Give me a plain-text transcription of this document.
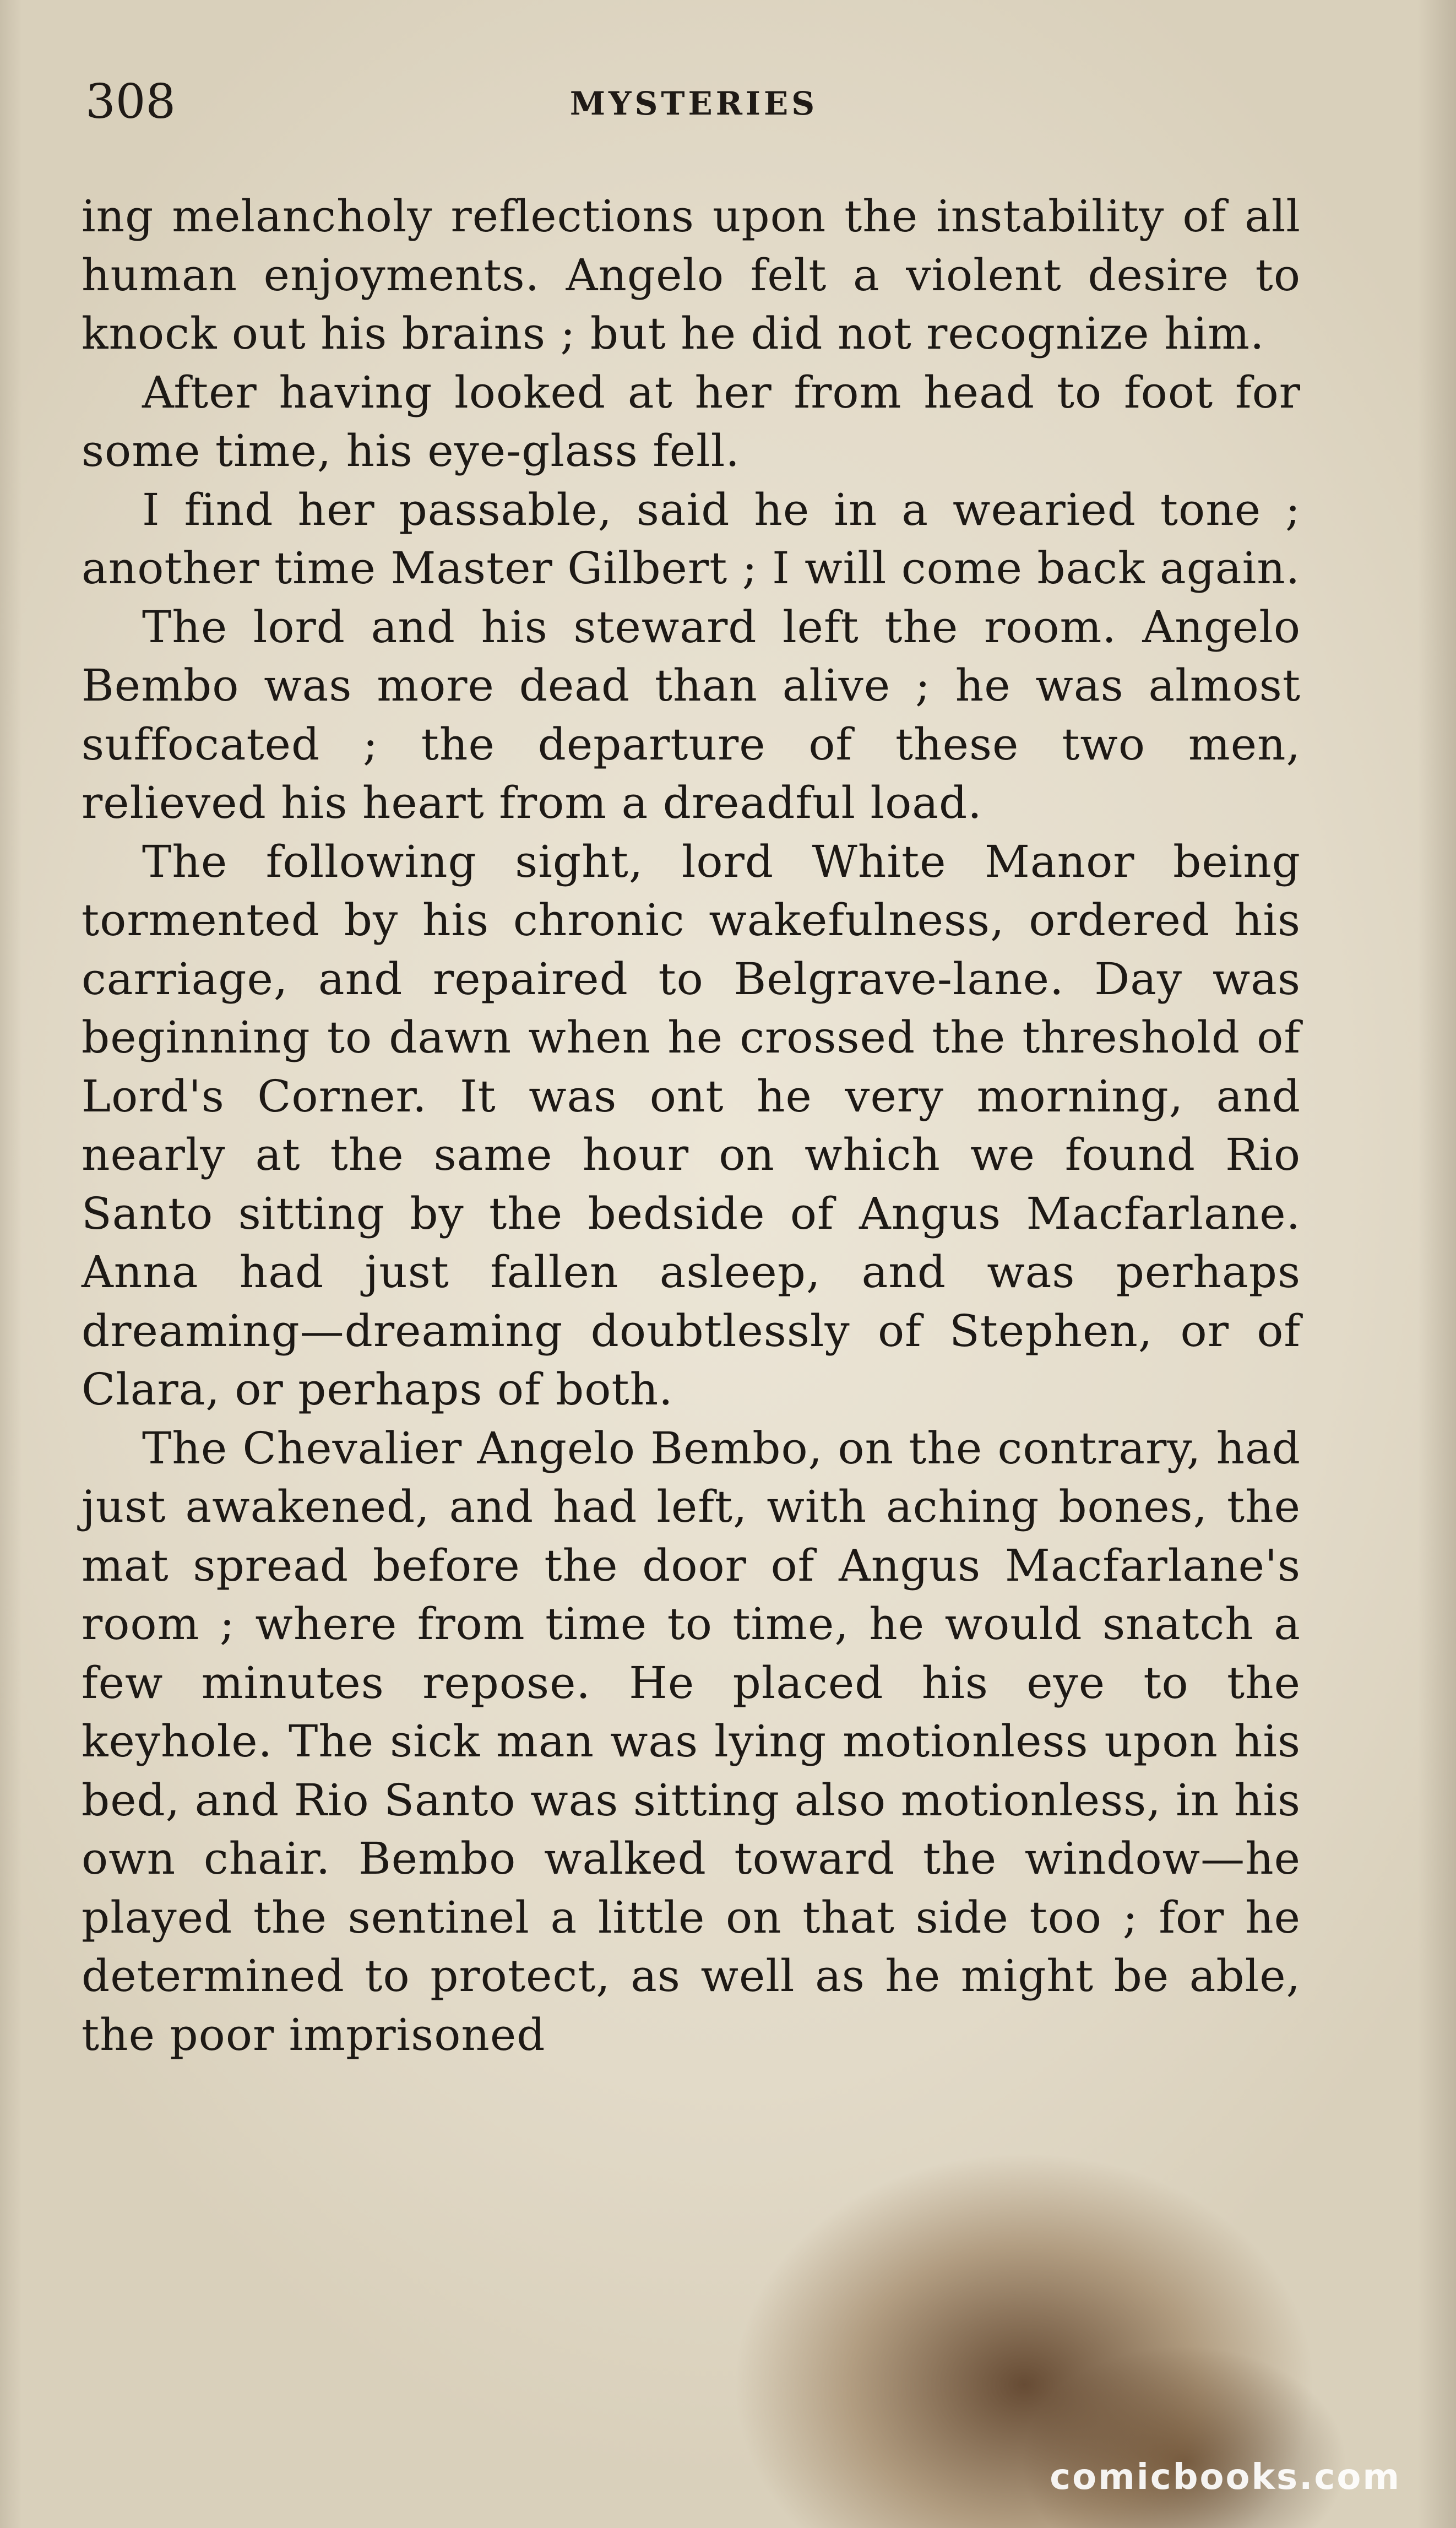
308	MYSTERIES

ing melancholy reflections upon the instability of all human enjoyments. Angelo felt a violent desire to knock out his brains ; but he did not recognize him.

After having looked at her from head to foot for some time, his eye-glass fell.

I find her passable, said he in a wearied tone ; another time Master Gilbert ; I will come back again.

The lord and his steward left the room. Angelo Bembo was more dead than alive ; he was almost suffocated ; the departure of these two men, relieved his heart from a dreadful load.

The following sight, lord White Manor being tormented by his chronic wakefulness, ordered his carriage, and repaired to Belgrave-lane. Day was beginning to dawn when he crossed the threshold of Lord's Corner. It was ont he very morning, and nearly at the same hour on which we found Rio Santo sitting by the bedside of Angus Macfarlane. Anna had just fallen asleep, and was perhaps dreaming—dreaming doubtlessly of Stephen, or of Clara, or perhaps of both.

The Chevalier Angelo Bembo, on the contrary, had just awakened, and had left, with aching bones, the mat spread before the door of Angus Macfarlane's room ; where from time to time, he would snatch a few minutes repose. He placed his eye to the keyhole. The sick man was lying motionless upon his bed, and Rio Santo was sitting also motionless, in his own chair. Bembo walked toward the window—he played the sentinel a little on that side too ; for he determined to protect, as well as he might be able, the poor imprisoned

comicbooks.com
